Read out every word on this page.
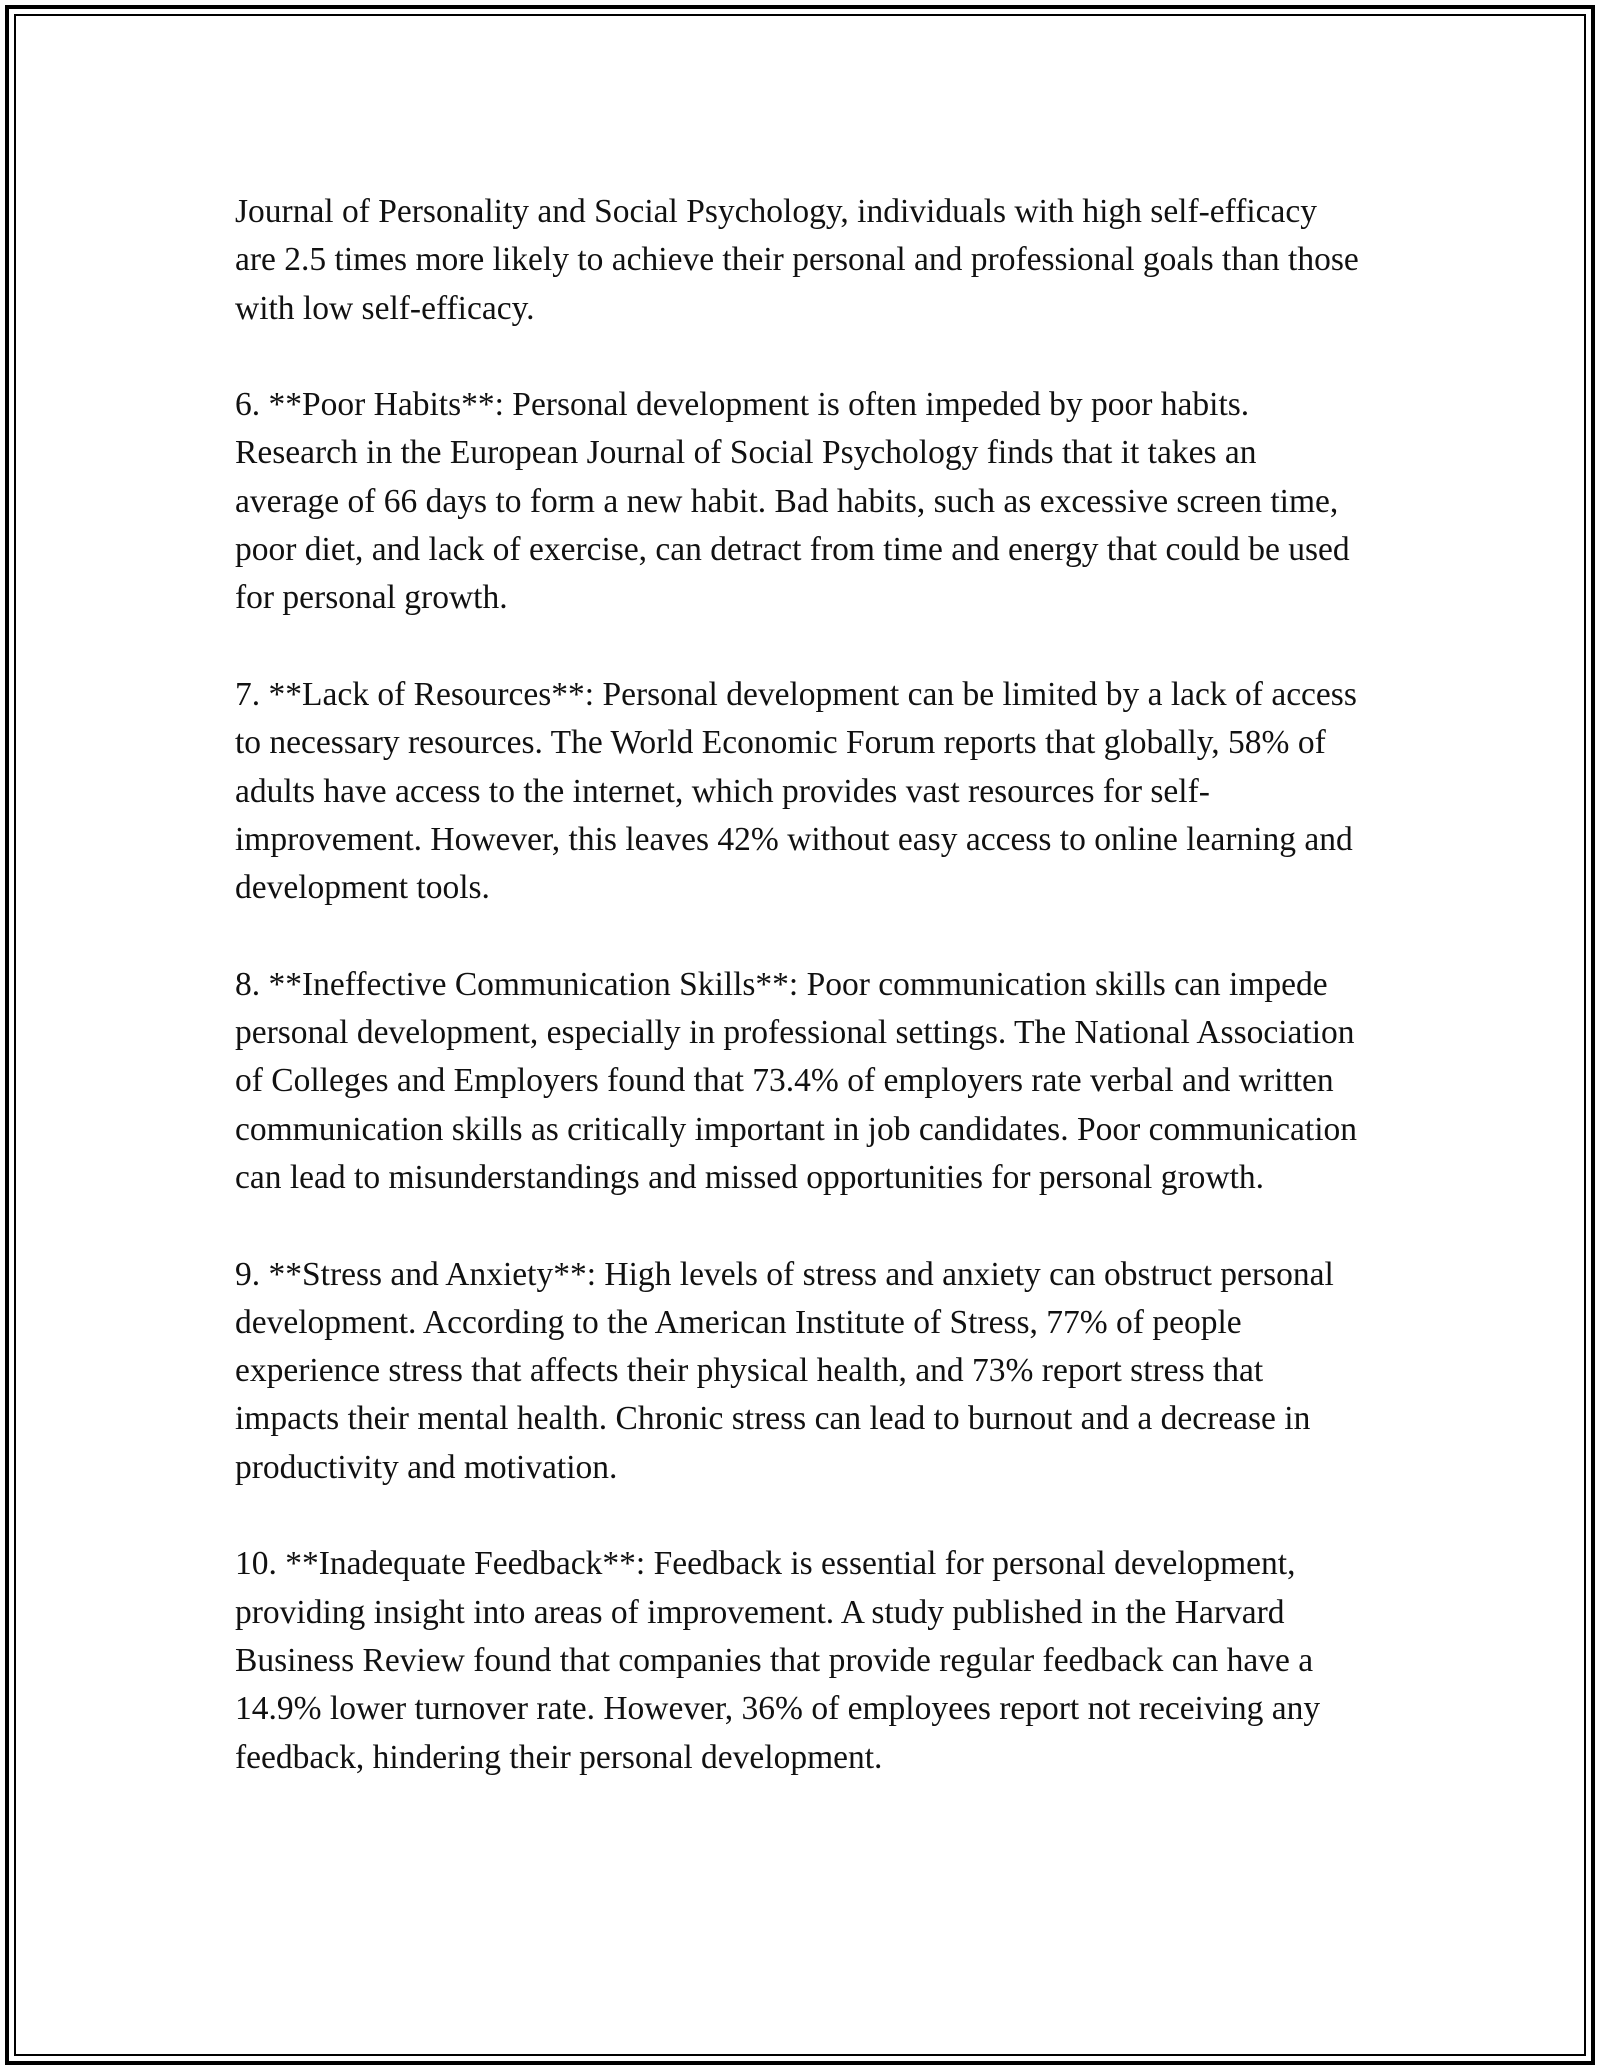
Journal of Personality and Social Psychology, individuals with high self-efficacy are 2.5 times more likely to achieve their personal and professional goals than those with low self-efficacy.

6. **Poor Habits**: Personal development is often impeded by poor habits. Research in the European Journal of Social Psychology finds that it takes an average of 66 days to form a new habit. Bad habits, such as excessive screen time, poor diet, and lack of exercise, can detract from time and energy that could be used for personal growth.

7. **Lack of Resources**: Personal development can be limited by a lack of access to necessary resources. The World Economic Forum reports that globally, 58% of adults have access to the internet, which provides vast resources for self-improvement. However, this leaves 42% without easy access to online learning and development tools.

8. **Ineffective Communication Skills**: Poor communication skills can impede personal development, especially in professional settings. The National Association of Colleges and Employers found that 73.4% of employers rate verbal and written communication skills as critically important in job candidates. Poor communication can lead to misunderstandings and missed opportunities for personal growth.

9. **Stress and Anxiety**: High levels of stress and anxiety can obstruct personal development. According to the American Institute of Stress, 77% of people experience stress that affects their physical health, and 73% report stress that impacts their mental health. Chronic stress can lead to burnout and a decrease in productivity and motivation.

10. **Inadequate Feedback**: Feedback is essential for personal development, providing insight into areas of improvement. A study published in the Harvard Business Review found that companies that provide regular feedback can have a 14.9% lower turnover rate. However, 36% of employees report not receiving any feedback, hindering their personal development.
